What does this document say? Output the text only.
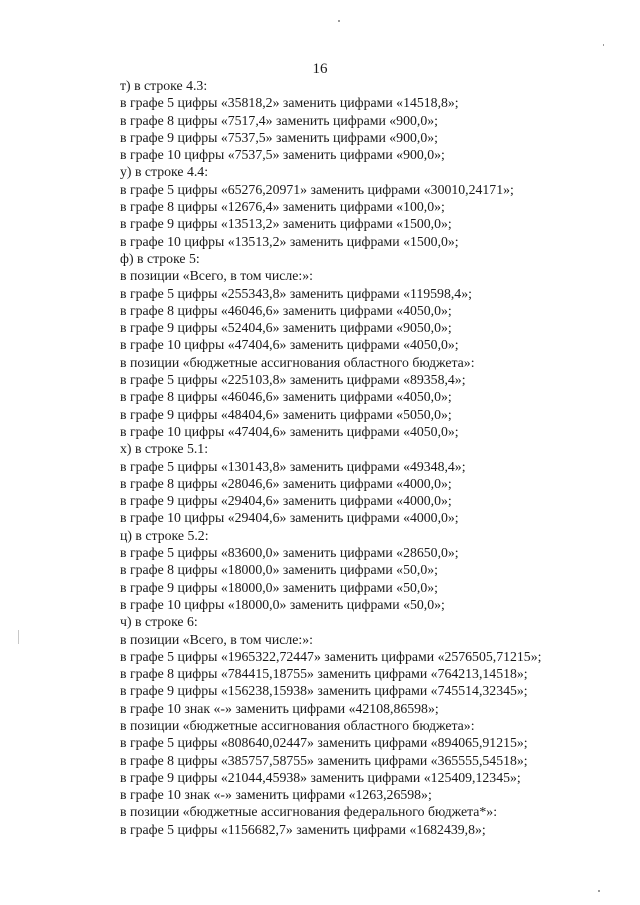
16
т) в строке 4.3:
в графе 5 цифры «35818,2» заменить цифрами «14518,8»;
в графе 8 цифры «7517,4» заменить цифрами «900,0»;
в графе 9 цифры «7537,5» заменить цифрами «900,0»;
в графе 10 цифры «7537,5» заменить цифрами «900,0»;
у) в строке 4.4:
в графе 5 цифры «65276,20971» заменить цифрами «30010,24171»;
в графе 8 цифры «12676,4» заменить цифрами «100,0»;
в графе 9 цифры «13513,2» заменить цифрами «1500,0»;
в графе 10 цифры «13513,2» заменить цифрами «1500,0»;
ф) в строке 5:
в позиции «Всего, в том числе:»:
в графе 5 цифры «255343,8» заменить цифрами «119598,4»;
в графе 8 цифры «46046,6» заменить цифрами «4050,0»;
в графе 9 цифры «52404,6» заменить цифрами «9050,0»;
в графе 10 цифры «47404,6» заменить цифрами «4050,0»;
в позиции «бюджетные ассигнования областного бюджета»:
в графе 5 цифры «225103,8» заменить цифрами «89358,4»;
в графе 8 цифры «46046,6» заменить цифрами «4050,0»;
в графе 9 цифры «48404,6» заменить цифрами «5050,0»;
в графе 10 цифры «47404,6» заменить цифрами «4050,0»;
х) в строке 5.1:
в графе 5 цифры «130143,8» заменить цифрами «49348,4»;
в графе 8 цифры «28046,6» заменить цифрами «4000,0»;
в графе 9 цифры «29404,6» заменить цифрами «4000,0»;
в графе 10 цифры «29404,6» заменить цифрами «4000,0»;
ц) в строке 5.2:
в графе 5 цифры «83600,0» заменить цифрами «28650,0»;
в графе 8 цифры «18000,0» заменить цифрами «50,0»;
в графе 9 цифры «18000,0» заменить цифрами «50,0»;
в графе 10 цифры «18000,0» заменить цифрами «50,0»;
ч) в строке 6:
в позиции «Всего, в том числе:»:
в графе 5 цифры «1965322,72447» заменить цифрами «2576505,71215»;
в графе 8 цифры «784415,18755» заменить цифрами «764213,14518»;
в графе 9 цифры «156238,15938» заменить цифрами «745514,32345»;
в графе 10 знак «-» заменить цифрами «42108,86598»;
в позиции «бюджетные ассигнования областного бюджета»:
в графе 5 цифры «808640,02447» заменить цифрами «894065,91215»;
в графе 8 цифры «385757,58755» заменить цифрами «365555,54518»;
в графе 9 цифры «21044,45938» заменить цифрами «125409,12345»;
в графе 10 знак «-» заменить цифрами «1263,26598»;
в позиции «бюджетные ассигнования федерального бюджета*»:
в графе 5 цифры «1156682,7» заменить цифрами «1682439,8»;
